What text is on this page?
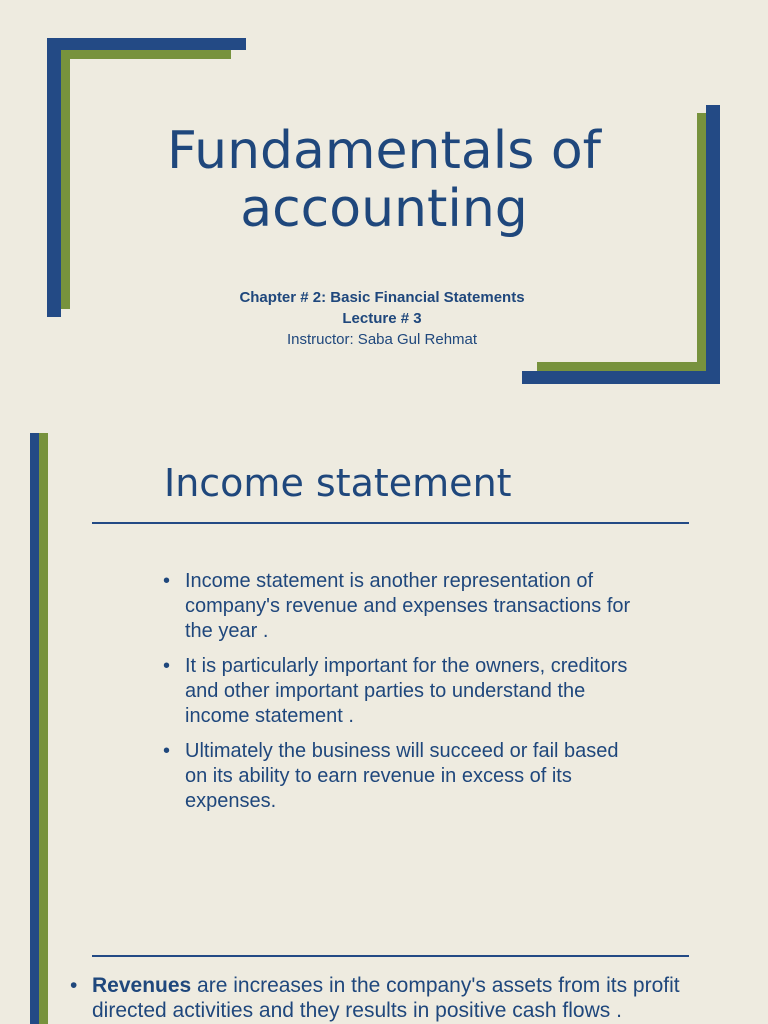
Fundamentals of
accounting
Chapter # 2: Basic Financial Statements
Lecture # 3
Instructor: Saba Gul Rehmat
Income statement
• Income statement is another representation of company's revenue and expenses transactions for the year .
• It is particularly important for the owners, creditors and other important parties to understand the income statement .
• Ultimately the business will succeed or fail based on its ability to earn revenue in excess of its expenses.
• Revenues are increases in the company's assets from its profit directed activities and they results in positive cash flows .
